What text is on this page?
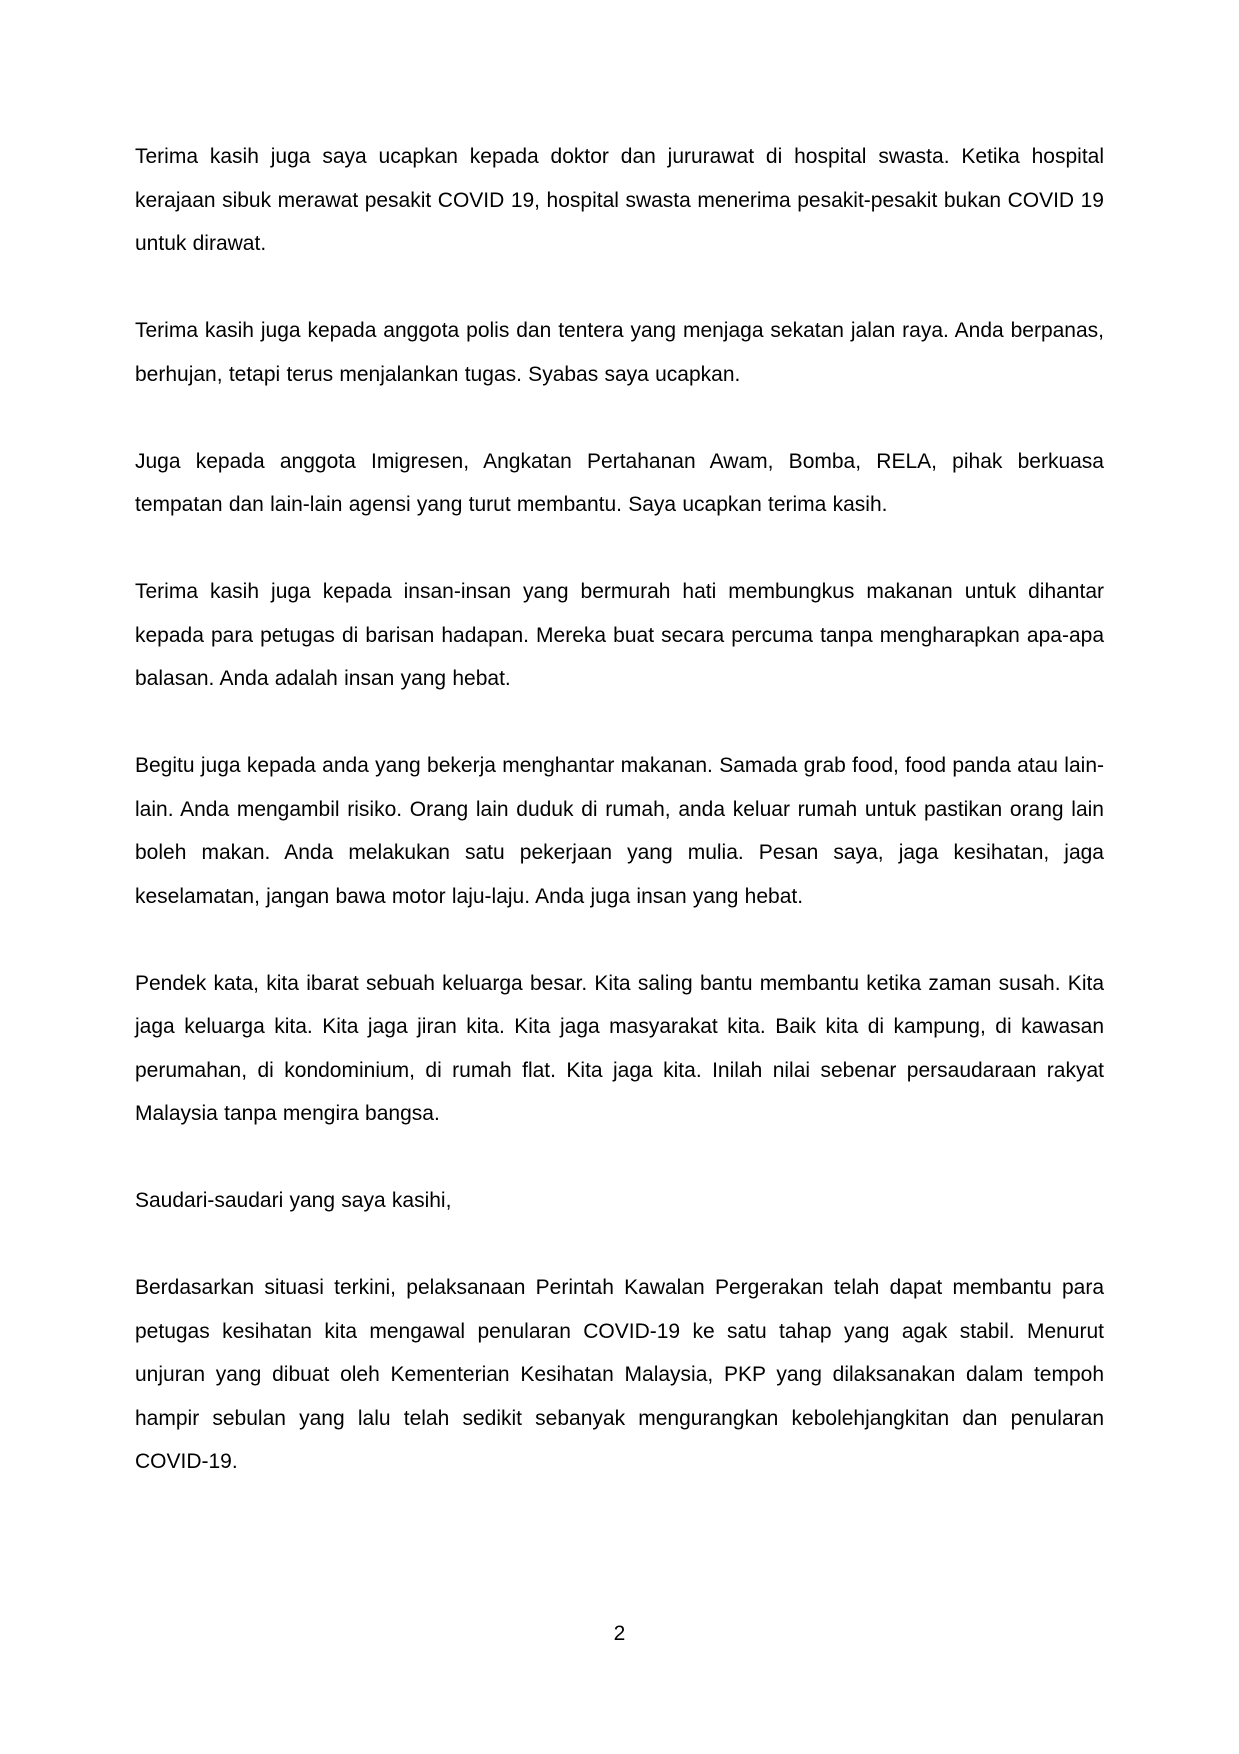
Terima kasih juga saya ucapkan kepada doktor dan jururawat di hospital swasta. Ketika hospital kerajaan sibuk merawat pesakit COVID 19, hospital swasta menerima pesakit-pesakit bukan COVID 19 untuk dirawat.

Terima kasih juga kepada anggota polis dan tentera yang menjaga sekatan jalan raya. Anda berpanas, berhujan, tetapi terus menjalankan tugas. Syabas saya ucapkan.

Juga kepada anggota Imigresen, Angkatan Pertahanan Awam, Bomba, RELA, pihak berkuasa tempatan dan lain-lain agensi yang turut membantu. Saya ucapkan terima kasih.

Terima kasih juga kepada insan-insan yang bermurah hati membungkus makanan untuk dihantar kepada para petugas di barisan hadapan. Mereka buat secara percuma tanpa mengharapkan apa-apa balasan. Anda adalah insan yang hebat.

Begitu juga kepada anda yang bekerja menghantar makanan. Samada grab food, food panda atau lain-lain. Anda mengambil risiko. Orang lain duduk di rumah, anda keluar rumah untuk pastikan orang lain boleh makan. Anda melakukan satu pekerjaan yang mulia. Pesan saya, jaga kesihatan, jaga keselamatan, jangan bawa motor laju-laju. Anda juga insan yang hebat.

Pendek kata, kita ibarat sebuah keluarga besar. Kita saling bantu membantu ketika zaman susah. Kita jaga keluarga kita. Kita jaga jiran kita. Kita jaga masyarakat kita. Baik kita di kampung, di kawasan perumahan, di kondominium, di rumah flat. Kita jaga kita. Inilah nilai sebenar persaudaraan rakyat Malaysia tanpa mengira bangsa.

Saudari-saudari yang saya kasihi,

Berdasarkan situasi terkini, pelaksanaan Perintah Kawalan Pergerakan telah dapat membantu para petugas kesihatan kita mengawal penularan COVID-19 ke satu tahap yang agak stabil. Menurut unjuran yang dibuat oleh Kementerian Kesihatan Malaysia, PKP yang dilaksanakan dalam tempoh hampir sebulan yang lalu telah sedikit sebanyak mengurangkan kebolehjangkitan dan penularan COVID-19.

2
